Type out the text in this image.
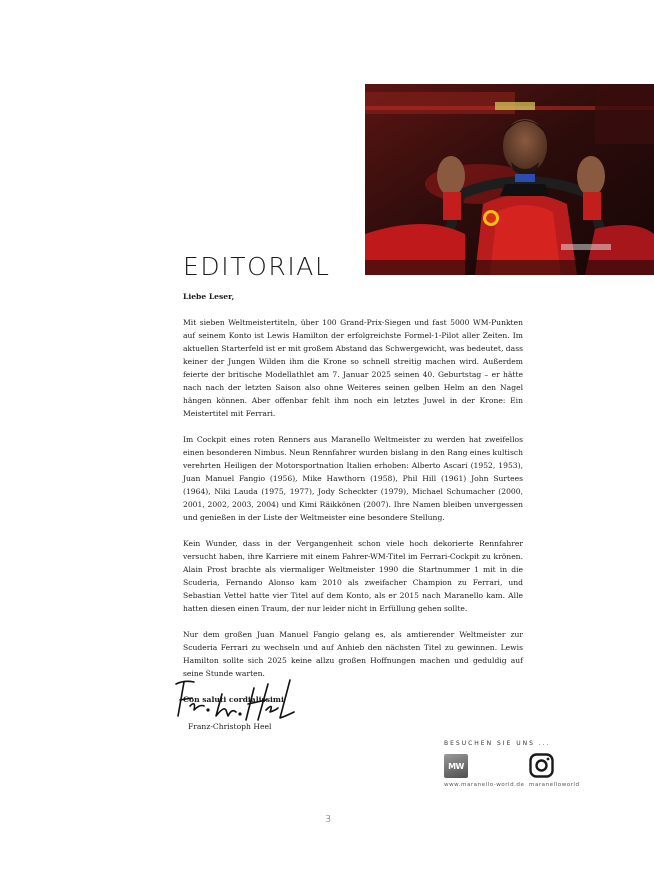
EDITORIAL

Liebe Leser,

Mit sieben Weltmeistertiteln, über 100 Grand-Prix-Siegen und fast 5000 WM-Punkten auf seinem Konto ist Lewis Hamilton der erfolgreichste Formel-1-Pilot aller Zeiten. Im aktuellen Starterfeld ist er mit großem Abstand das Schwergewicht, was bedeutet, dass keiner der Jungen Wilden ihm die Krone so schnell streitig machen wird. Außerdem feierte der britische Modellathlet am 7. Januar 2025 seinen 40. Geburtstag – er hätte nach nach der letzten Saison also ohne Weiteres seinen gelben Helm an den Nagel hängen können. Aber offenbar fehlt ihm noch ein letztes Juwel in der Krone: Ein Meistertitel mit Ferrari.

Im Cockpit eines roten Renners aus Maranello Weltmeister zu werden hat zweifellos einen besonderen Nimbus. Neun Rennfahrer wurden bislang in den Rang eines kultisch verehrten Heiligen der Motorsportnation Italien erhoben: Alberto Ascari (1952, 1953), Juan Manuel Fangio (1956), Mike Hawthorn (1958), Phil Hill (1961) John Surtees (1964), Niki Lauda (1975, 1977), Jody Scheckter (1979), Michael Schumacher (2000, 2001, 2002, 2003, 2004) und Kimi Räikkönen (2007). Ihre Namen bleiben unvergessen und genießen in der Liste der Weltmeister eine besondere Stellung.

Kein Wunder, dass in der Vergangenheit schon viele hoch dekorierte Rennfahrer versucht haben, ihre Karriere mit einem Fahrer-WM-Titel im Ferrari-Cockpit zu krönen. Alain Prost brachte als viermaliger Weltmeister 1990 die Startnummer 1 mit in die Scuderia, Fernando Alonso kam 2010 als zweifacher Champion zu Ferrari, und Sebastian Vettel hatte vier Titel auf dem Konto, als er 2015 nach Maranello kam. Alle hatten diesen einen Traum, der nur leider nicht in Erfüllung gehen sollte.

Nur dem großen Juan Manuel Fangio gelang es, als amtierender Weltmeister zur Scuderia Ferrari zu wechseln und auf Anhieb den nächsten Titel zu gewinnen. Lewis Hamilton sollte sich 2025 keine allzu großen Hoffnungen machen und geduldig auf seine Stunde warten.

Con saluti cordialissimi

Franz-Christoph Heel
BESUCHEN SIE UNS ...
MW
www.maranello-world.de maranelloworld
3
